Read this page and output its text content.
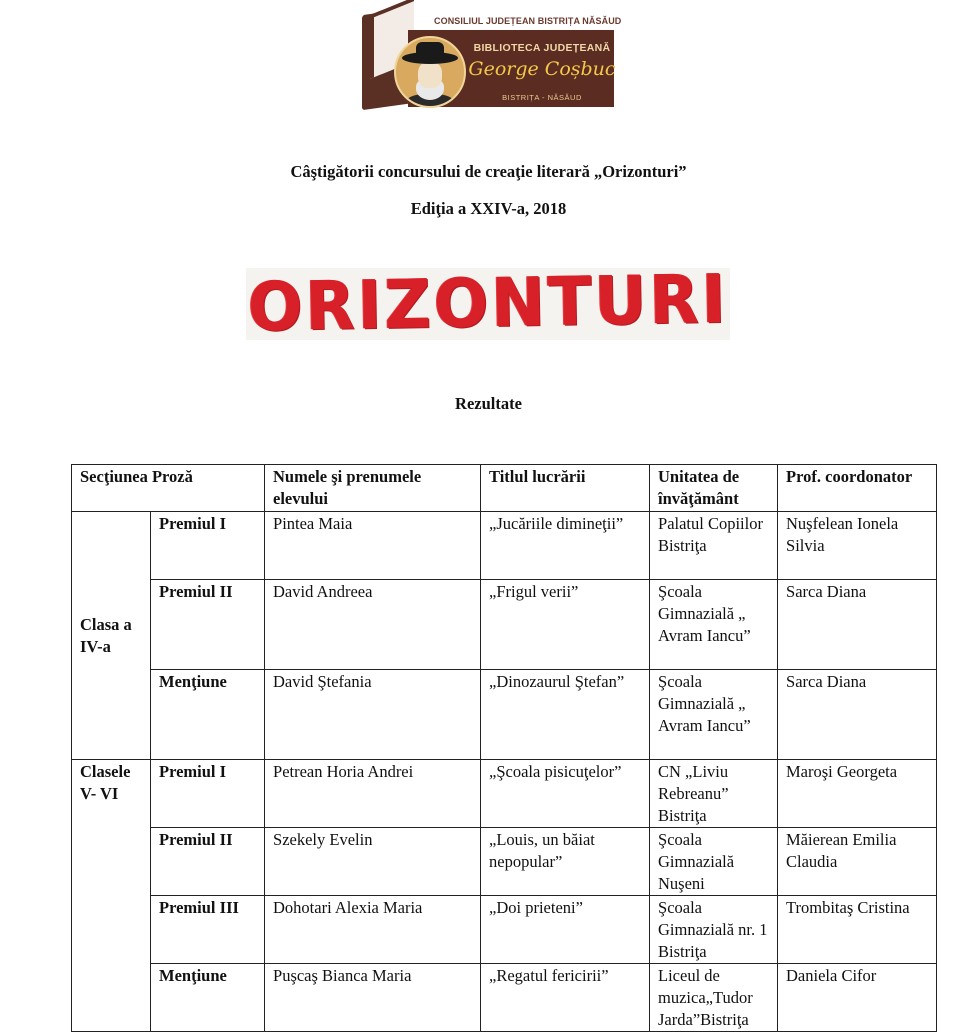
CONSILIUL JUDEȚEAN BISTRIȚA NĂSĂUD
BIBLIOTECA JUDEȚEANĂ
George Coșbuc
BISTRIȚA - NĂSĂUD
Câştigătorii concursului de creaţie literară „Orizonturi”
Ediţia a XXIV-a, 2018
ORIZONTURI
Rezultate
Secţiunea Proză		Numele şi prenumele elevului	Titlul lucrării	Unitatea de învăţământ	Prof. coordonator
Clasa a IV-a	Premiul I	Pintea Maia	„Jucăriile dimineţii”	Palatul Copiilor Bistriţa	Nuşfelean Ionela Silvia
	Premiul II	David Andreea	„Frigul verii”	Şcoala Gimnazială „ Avram Iancu”	Sarca Diana
	Menţiune	David Ştefania	„Dinozaurul Ştefan”	Şcoala Gimnazială „ Avram Iancu”	Sarca Diana
Clasele V- VI	Premiul I	Petrean Horia Andrei	„Şcoala pisicuţelor”	CN „Liviu Rebreanu” Bistriţa	Maroşi Georgeta
	Premiul II	Szekely Evelin	„Louis, un băiat nepopular”	Şcoala Gimnazială Nuşeni	Măierean Emilia Claudia
	Premiul III	Dohotari Alexia Maria	„Doi prieteni”	Şcoala Gimnazială nr. 1 Bistriţa	Trombitaş Cristina
	Menţiune	Puşcaş Bianca Maria	„Regatul fericirii”	Liceul de muzica„Tudor Jarda”Bistriţa	Daniela Cifor
